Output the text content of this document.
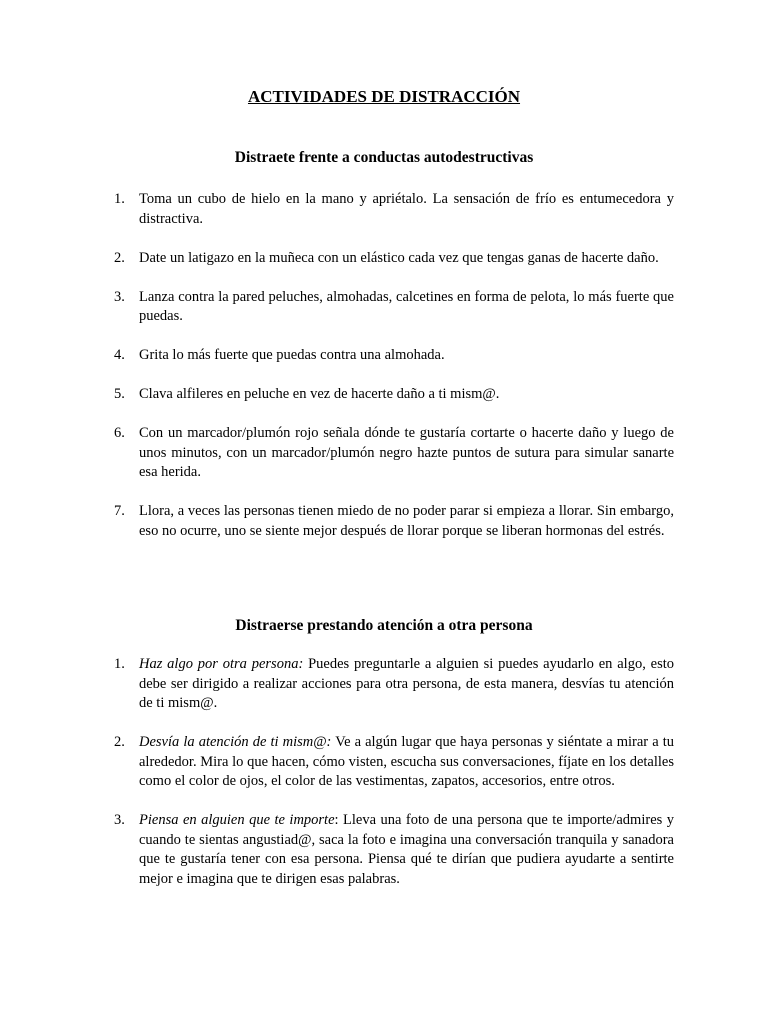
ACTIVIDADES DE DISTRACCIÓN
Distraete frente a conductas autodestructivas
1. Toma un cubo de hielo en la mano y apriétalo. La sensación de frío es entumecedora y distractiva.
2. Date un latigazo en la muñeca con un elástico cada vez que tengas ganas de hacerte daño.
3. Lanza contra la pared peluches, almohadas, calcetines en forma de pelota, lo más fuerte que puedas.
4. Grita lo más fuerte que puedas contra una almohada.
5. Clava alfileres en peluche en vez de hacerte daño a ti mism@.
6. Con un marcador/plumón rojo señala dónde te gustaría cortarte o hacerte daño y luego de unos minutos, con un marcador/plumón negro hazte puntos de sutura para simular sanarte esa herida.
7. Llora, a veces las personas tienen miedo de no poder parar si empieza a llorar. Sin embargo, eso no ocurre, uno se siente mejor después de llorar porque se liberan hormonas del estrés.
Distraerse prestando atención a otra persona
1. Haz algo por otra persona: Puedes preguntarle a alguien si puedes ayudarlo en algo, esto debe ser dirigido a realizar acciones para otra persona, de esta manera, desvías tu atención de ti mism@.
2. Desvía la atención de ti mism@: Ve a algún lugar que haya personas y siéntate a mirar a tu alrededor. Mira lo que hacen, cómo visten, escucha sus conversaciones, fíjate en los detalles como el color de ojos, el color de las vestimentas, zapatos, accesorios, entre otros.
3. Piensa en alguien que te importe: Lleva una foto de una persona que te importe/admires y cuando te sientas angustiad@, saca la foto e imagina una conversación tranquila y sanadora que te gustaría tener con esa persona. Piensa qué te dirían que pudiera ayudarte a sentirte mejor e imagina que te dirigen esas palabras.
